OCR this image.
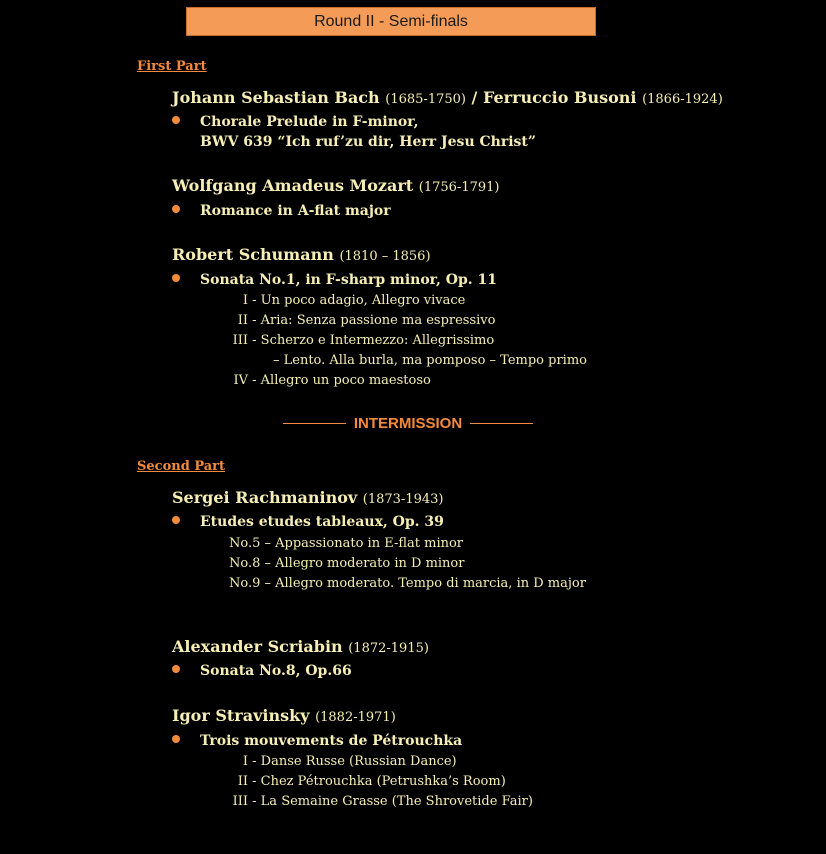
Round II - Semi-finals
First Part
Johann Sebastian Bach (1685-1750) / Ferruccio Busoni (1866-1924)
Chorale Prelude in F-minor,
BWV 639 “Ich ruf’zu dir, Herr Jesu Christ”
Wolfgang Amadeus Mozart (1756-1791)
Romance in A-flat major
Robert Schumann (1810 – 1856)
Sonata No.1, in F-sharp minor, Op. 11
I - Un poco adagio, Allegro vivace
II - Aria: Senza passione ma espressivo
III - Scherzo e Intermezzo: Allegrissimo
– Lento. Alla burla, ma pomposo – Tempo primo
IV - Allegro un poco maestoso
INTERMISSION
Second Part
Sergei Rachmaninov (1873-1943)
Etudes etudes tableaux, Op. 39
No.5 – Appassionato in E-flat minor
No.8 – Allegro moderato in D minor
No.9 – Allegro moderato. Tempo di marcia, in D major
Alexander Scriabin (1872-1915)
Sonata No.8, Op.66
Igor Stravinsky (1882-1971)
Trois mouvements de Pétrouchka
I - Danse Russe (Russian Dance)
II - Chez Pétrouchka (Petrushka’s Room)
III - La Semaine Grasse (The Shrovetide Fair)
